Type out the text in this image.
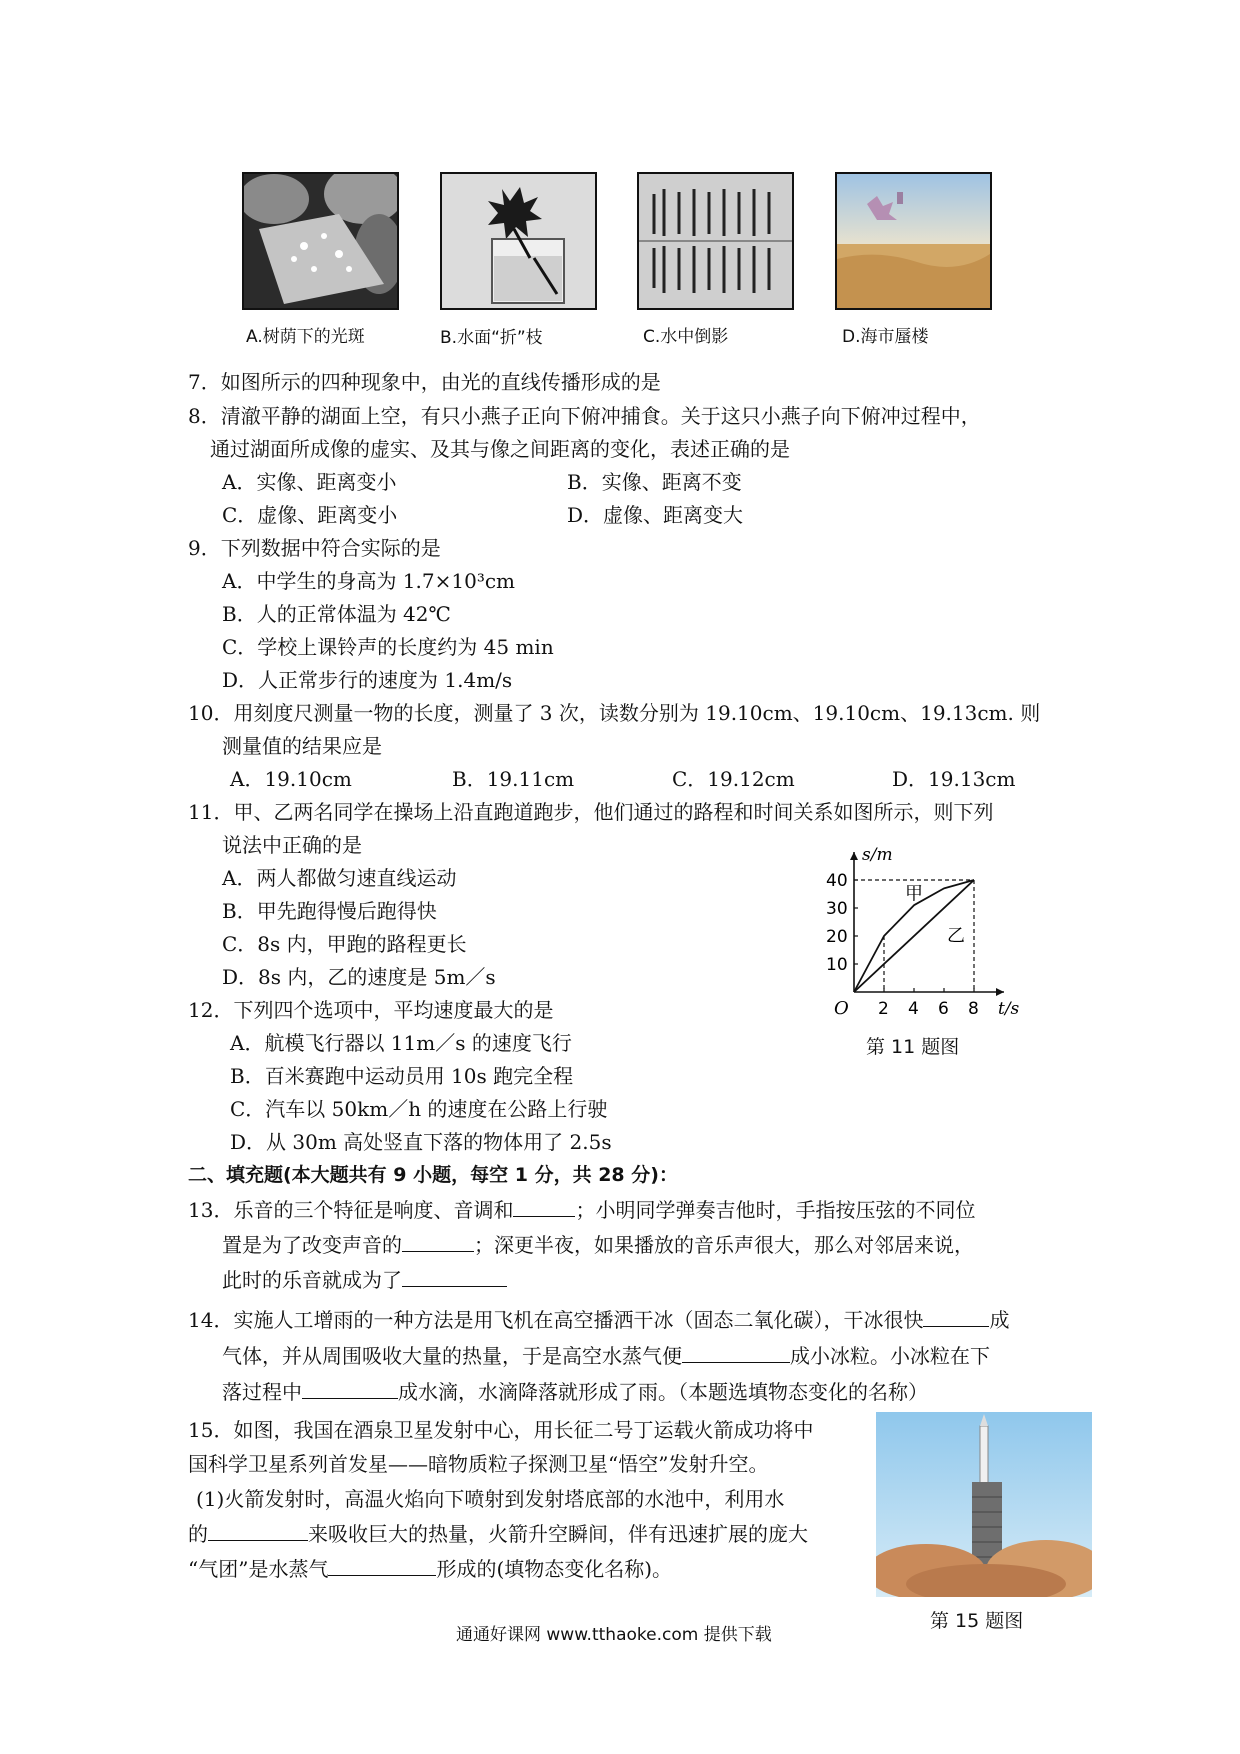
A.树荫下的光斑	B.水面“折”枝	C.水中倒影	D.海市蜃楼
7．如图所示的四种现象中，由光的直线传播形成的是
8．清澈平静的湖面上空，有只小燕子正向下俯冲捕食。关于这只小燕子向下俯冲过程中，
通过湖面所成像的虚实、及其与像之间距离的变化，表述正确的是
A．实像、距离变小	B．实像、距离不变
C．虚像、距离变小	D．虚像、距离变大
9．下列数据中符合实际的是
A．中学生的身高为 1.7×10³cm
B．人的正常体温为 42℃
C．学校上课铃声的长度约为 45 min
D．人正常步行的速度为 1.4m/s
10．用刻度尺测量一物的长度，测量了 3 次，读数分别为 19.10cm、19.10cm、19.13cm. 则
测量值的结果应是
A．19.10cm	B．19.11cm	C．19.12cm	D．19.13cm
11．甲、乙两名同学在操场上沿直跑道跑步，他们通过的路程和时间关系如图所示，则下列
说法中正确的是
A．两人都做匀速直线运动
B．甲先跑得慢后跑得快
C．8s 内，甲跑的路程更长
D．8s 内，乙的速度是 5m／s
s/m
t/s
O 2 4 6 8
10
20
30
40
甲
乙
第 11 题图
12．下列四个选项中，平均速度最大的是
A．航模飞行器以 11m／s 的速度飞行
B．百米赛跑中运动员用 10s 跑完全程
C．汽车以 50km／h 的速度在公路上行驶
D．从 30m 高处竖直下落的物体用了 2.5s
二、填充题(本大题共有 9 小题，每空 1 分，共 28 分)：
13．乐音的三个特征是响度、音调和	；小明同学弹奏吉他时，手指按压弦的不同位
置是为了改变声音的	；深更半夜，如果播放的音乐声很大，那么对邻居来说，
此时的乐音就成为了
14．实施人工增雨的一种方法是用飞机在高空播洒干冰（固态二氧化碳），干冰很快	成
气体，并从周围吸收大量的热量，于是高空水蒸气便	成小冰粒。小冰粒在下
落过程中	成水滴，水滴降落就形成了雨。（本题选填物态变化的名称）
15．如图，我国在酒泉卫星发射中心，用长征二号丁运载火箭成功将中
国科学卫星系列首发星——暗物质粒子探测卫星“悟空”发射升空。
(1)火箭发射时，高温火焰向下喷射到发射塔底部的水池中，利用水
的	来吸收巨大的热量，火箭升空瞬间，伴有迅速扩展的庞大
“气团”是水蒸气	形成的(填物态变化名称)。
第 15 题图
通通好课网 www.tthaoke.com 提供下载
